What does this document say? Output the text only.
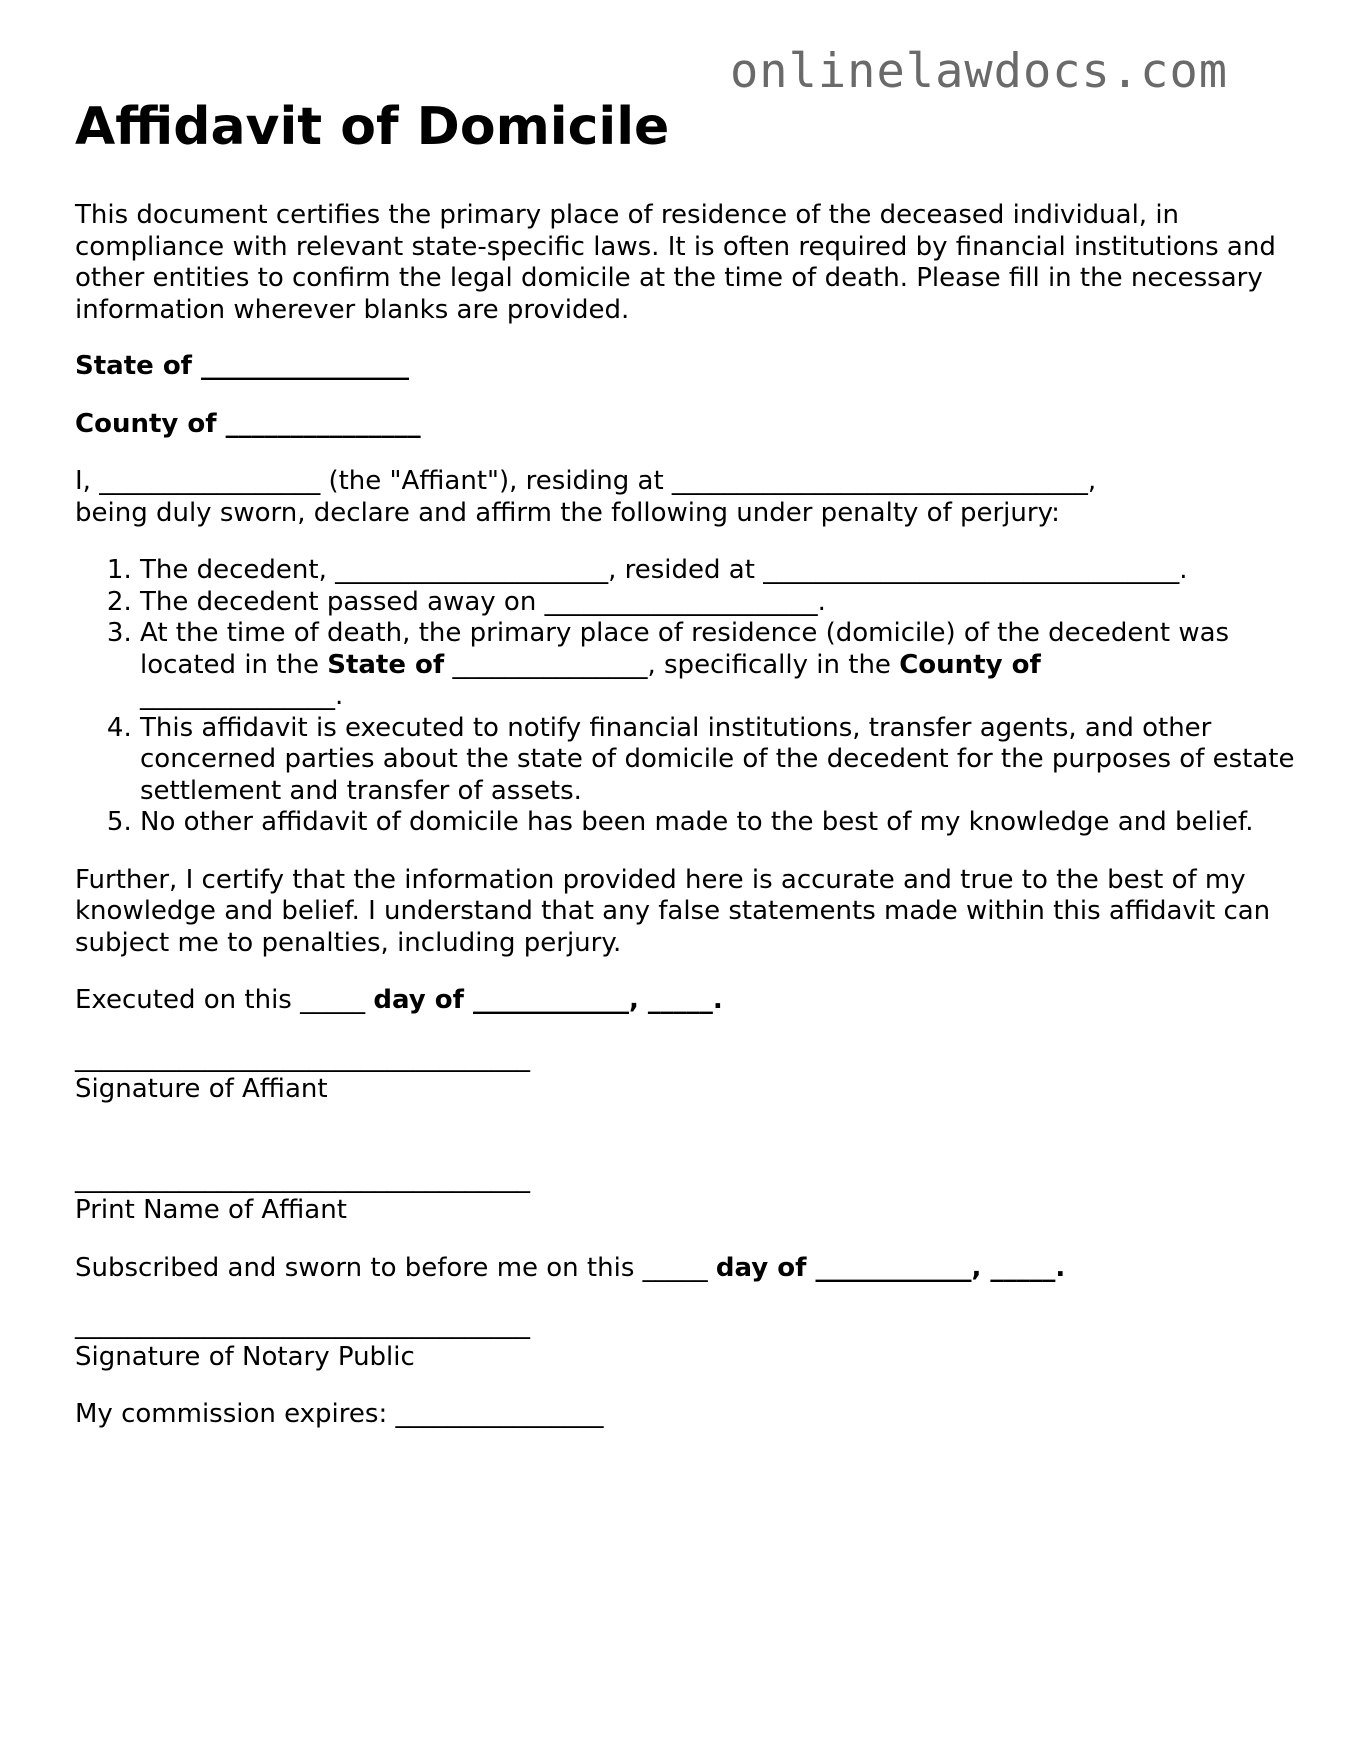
onlinelawdocs.com
Affidavit of Domicile

This document certifies the primary place of residence of the deceased individual, in compliance with relevant state-specific laws. It is often required by financial institutions and other entities to confirm the legal domicile at the time of death. Please fill in the necessary information wherever blanks are provided.

State of ________________

County of _______________

I, _________________ (the "Affiant"), residing at ________________________________,
being duly sworn, declare and affirm the following under penalty of perjury:

1. The decedent, _____________________, resided at ________________________________.
2. The decedent passed away on _____________________.
3. At the time of death, the primary place of residence (domicile) of the decedent was located in the State of _______________, specifically in the County of
_______________.
4. This affidavit is executed to notify financial institutions, transfer agents, and other concerned parties about the state of domicile of the decedent for the purposes of estate settlement and transfer of assets.
5. No other affidavit of domicile has been made to the best of my knowledge and belief.

Further, I certify that the information provided here is accurate and true to the best of my knowledge and belief. I understand that any false statements made within this affidavit can subject me to penalties, including perjury.

Executed on this _____ day of ____________, _____.

___________________________________

Signature of Affiant

___________________________________

Print Name of Affiant

Subscribed and sworn to before me on this _____ day of ____________, _____.

___________________________________

Signature of Notary Public

My commission expires: ________________
